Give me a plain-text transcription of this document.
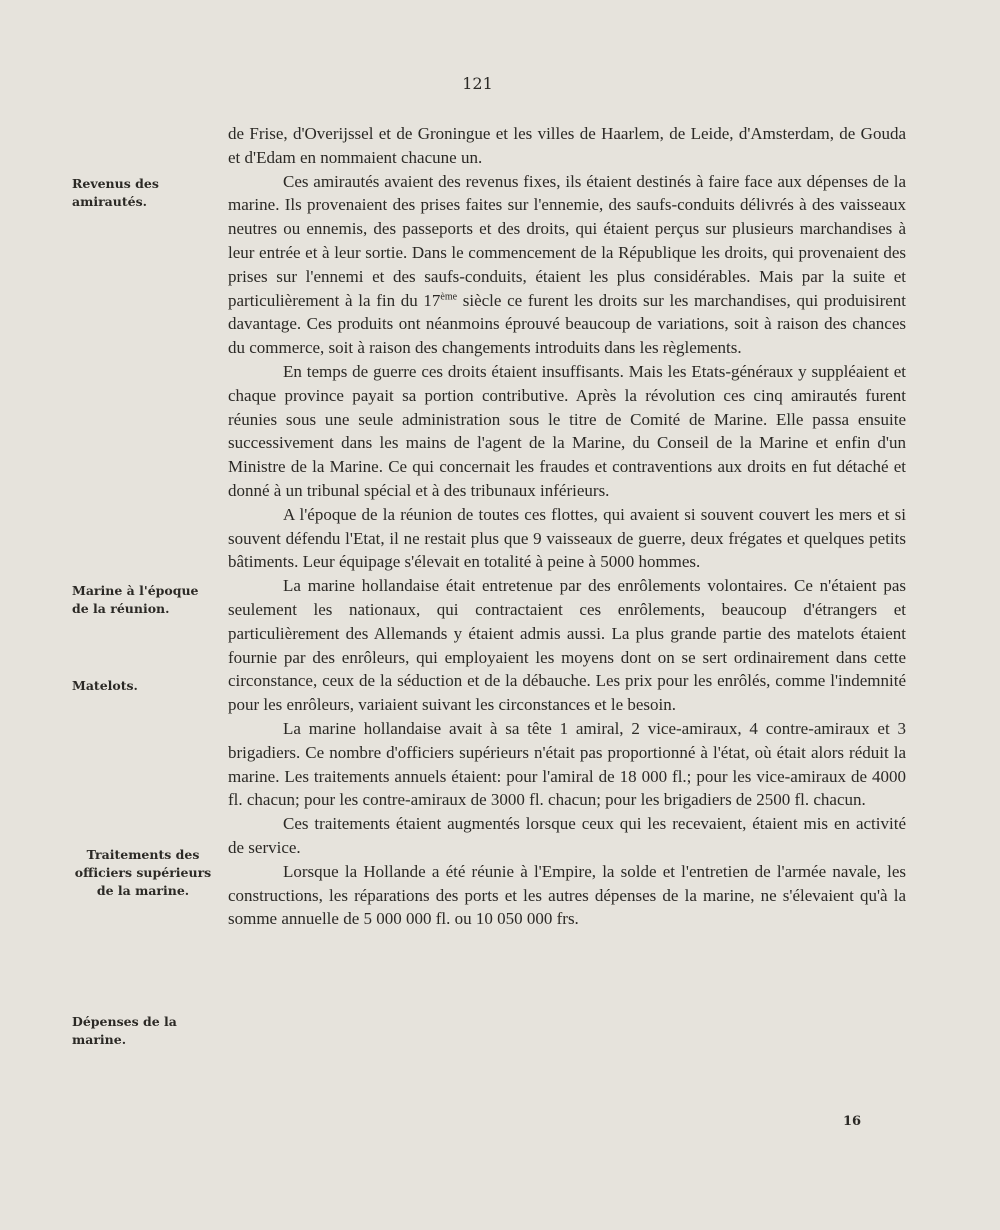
121
Revenus des amirautés.
Marine à l'époque de la réunion.
Matelots.
Traitements des officiers supérieurs de la marine.
Dépenses de la marine.

de Frise, d'Overijssel et de Groningue et les villes de Haarlem, de Leide, d'Amsterdam, de Gouda et d'Edam en nommaient chacune un.

Ces amirautés avaient des revenus fixes, ils étaient destinés à faire face aux dépenses de la marine. Ils provenaient des prises faites sur l'ennemie, des saufs-conduits délivrés à des vaisseaux neutres ou ennemis, des passeports et des droits, qui étaient perçus sur plusieurs marchandises à leur entrée et à leur sortie. Dans le commencement de la République les droits, qui provenaient des prises sur l'ennemi et des saufs-conduits, étaient les plus considérables. Mais par la suite et particulièrement à la fin du 17ème siècle ce furent les droits sur les marchandises, qui produisirent davantage. Ces produits ont néanmoins éprouvé beaucoup de variations, soit à raison des chances du commerce, soit à raison des changements introduits dans les règlements.

En temps de guerre ces droits étaient insuffisants. Mais les Etats-généraux y suppléaient et chaque province payait sa portion contributive. Après la révolution ces cinq amirautés furent réunies sous une seule administration sous le titre de Comité de Marine. Elle passa ensuite successivement dans les mains de l'agent de la Marine, du Conseil de la Marine et enfin d'un Ministre de la Marine. Ce qui concernait les fraudes et contraventions aux droits en fut détaché et donné à un tribunal spécial et à des tribunaux inférieurs.

A l'époque de la réunion de toutes ces flottes, qui avaient si souvent couvert les mers et si souvent défendu l'Etat, il ne restait plus que 9 vaisseaux de guerre, deux frégates et quelques petits bâtiments. Leur équipage s'élevait en totalité à peine à 5000 hommes.

La marine hollandaise était entretenue par des enrôlements volontaires. Ce n'étaient pas seulement les nationaux, qui contractaient ces enrôlements, beaucoup d'étrangers et particulièrement des Allemands y étaient admis aussi. La plus grande partie des matelots étaient fournie par des enrôleurs, qui employaient les moyens dont on se sert ordinairement dans cette circonstance, ceux de la séduction et de la débauche. Les prix pour les enrôlés, comme l'indemnité pour les enrôleurs, variaient suivant les circonstances et le besoin.

La marine hollandaise avait à sa tête 1 amiral, 2 vice-amiraux, 4 contre-amiraux et 3 brigadiers. Ce nombre d'officiers supérieurs n'était pas proportionné à l'état, où était alors réduit la marine. Les traitements annuels étaient: pour l'amiral de 18 000 fl.; pour les vice-amiraux de 4000 fl. chacun; pour les contre-amiraux de 3000 fl. chacun; pour les brigadiers de 2500 fl. chacun.

Ces traitements étaient augmentés lorsque ceux qui les recevaient, étaient mis en activité de service.

Lorsque la Hollande a été réunie à l'Empire, la solde et l'entretien de l'armée navale, les constructions, les réparations des ports et les autres dépenses de la marine, ne s'élevaient qu'à la somme annuelle de 5 000 000 fl. ou 10 050 000 frs.

16
